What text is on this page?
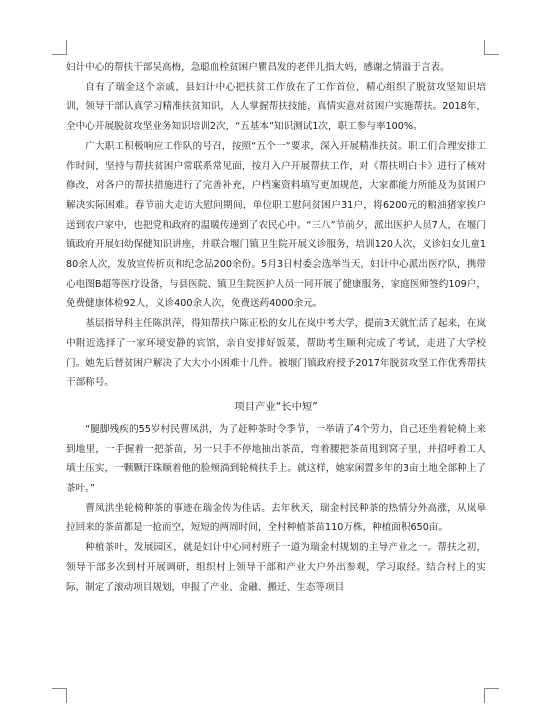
妇计中心的帮扶干部吴高梅，急聪血栓贫困户瞿昌发的老伴儿指大妈，感谢之情溢于言表。

自有了瑞金这个亲戚，县妇计中心把扶贫工作放在了工作首位，精心组织了脱贫攻坚知识培训，领导干部认真学习精准扶贫知识，人人掌握帮扶技能，真情实意对贫困户实施帮扶。2018年，全中心开展脱贫攻坚业务知识培训2次，“五基本”知识测试1次，职工参与率100%。

广大职工积极响应工作队的号召，按照“五个一”要求，深入开展精准扶贫。职工们合理安排工作时间，坚持与帮扶贫困户常联系常见面，按月入户开展帮扶工作，对《帮扶明白卡》进行了核对修改，对各户的帮扶措施进行了完善补充，户档案资料填写更加规范，大家都能力所能及为贫困户解决实际困难。春节前大走访大慰问期间，单位职工慰问贫困户31户，将6200元的粮油猪家挨户送到农户家中，也把党和政府的温暖传递到了农民心中。“三八”节前夕，派出医护人员7人，在堰门镇政府开展妇幼保健知识讲座，并联合堰门镇卫生院开展义诊服务，培训120人次，义诊妇女儿童180余人次，发放宣传折页和纪念品200余份。5月3日村委会选举当天，妇计中心派出医疗队，携带心电图B超等医疗设备，与县医院、镇卫生院医护人员一同开展了健康服务，家庭医师签约109户，免费健康体检92人，义诊400余人次，免费送药4000余元。

基层指导科主任陈洪萍，得知帮扶户陈正松的女儿在岚中考大学，提前3天就忙活了起来，在岚中附近选择了一家环境安静的宾馆，亲自安排好饭菜，帮助考生顺利完成了考试，走进了大学校门。她先后替贫困户解决了大大小小困难十几件。被堰门镇政府授予2017年脱贫攻坚工作优秀帮扶干部称号。

项目产业“长中短”

“腿脚残疾的55岁村民曹凤洪，为了赶种茶时令季节，一举请了4个劳力，自己还坐着轮椅上来到地里，一手握着一把茶苗，另一只手不停地抽出茶苗，弯着腰把茶苗甩到窝子里，并招呼着工人填土压实，一颗颗汗珠顺着他的脸颊淌到轮椅扶手上。就这样，她家闲置多年的3亩土地全部种上了茶叶。”

曹凤洪坐轮椅种茶的事迹在瑞金传为佳话。去年秋天，瑞金村民种茶的热情分外高涨，从岚皋拉回来的茶苗都是一抢而空，短短的两周时间，全村种植茶苗110万株，种植面积650亩。

种植茶叶，发展园区，就是妇计中心同村班子一道为瑞金村规划的主导产业之一。帮扶之初，领导干部多次到村开展调研，组织村上领导干部和产业大户外出参观，学习取经。结合村上的实际，制定了滚动项目规划，申报了产业、金融、搬迁、生态等项目
